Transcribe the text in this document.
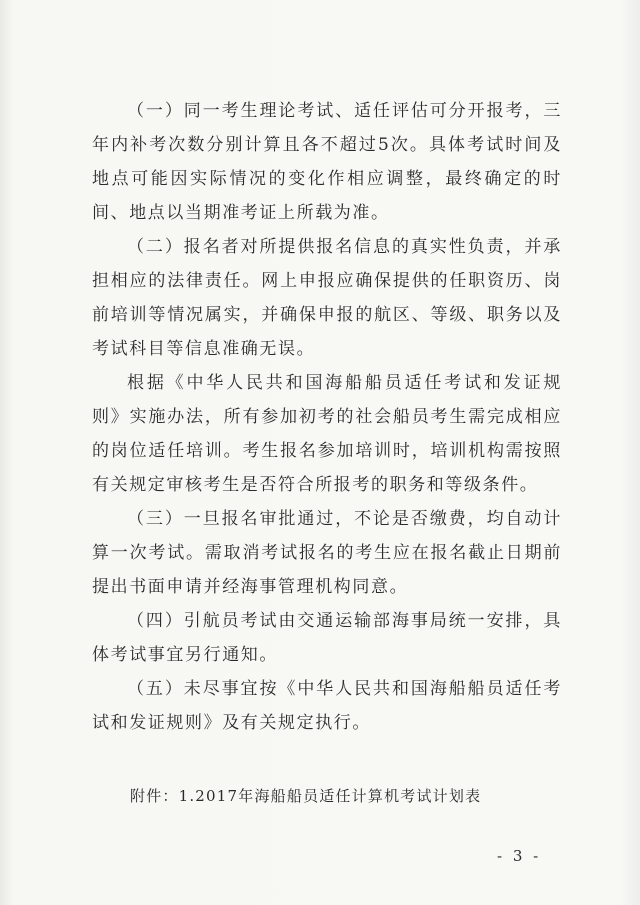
（一）同一考生理论考试、适任评估可分开报考，三年内补考次数分别计算且各不超过5次。具体考试时间及地点可能因实际情况的变化作相应调整，最终确定的时间、地点以当期准考证上所载为准。

（二）报名者对所提供报名信息的真实性负责，并承担相应的法律责任。网上申报应确保提供的任职资历、岗前培训等情况属实，并确保申报的航区、等级、职务以及考试科目等信息准确无误。

根据《中华人民共和国海船船员适任考试和发证规则》实施办法，所有参加初考的社会船员考生需完成相应的岗位适任培训。考生报名参加培训时，培训机构需按照有关规定审核考生是否符合所报考的职务和等级条件。

（三）一旦报名审批通过，不论是否缴费，均自动计算一次考试。需取消考试报名的考生应在报名截止日期前提出书面申请并经海事管理机构同意。

（四）引航员考试由交通运输部海事局统一安排，具体考试事宜另行通知。

（五）未尽事宜按《中华人民共和国海船船员适任考试和发证规则》及有关规定执行。

附件：1.2017年海船船员适任计算机考试计划表
- 3 -
